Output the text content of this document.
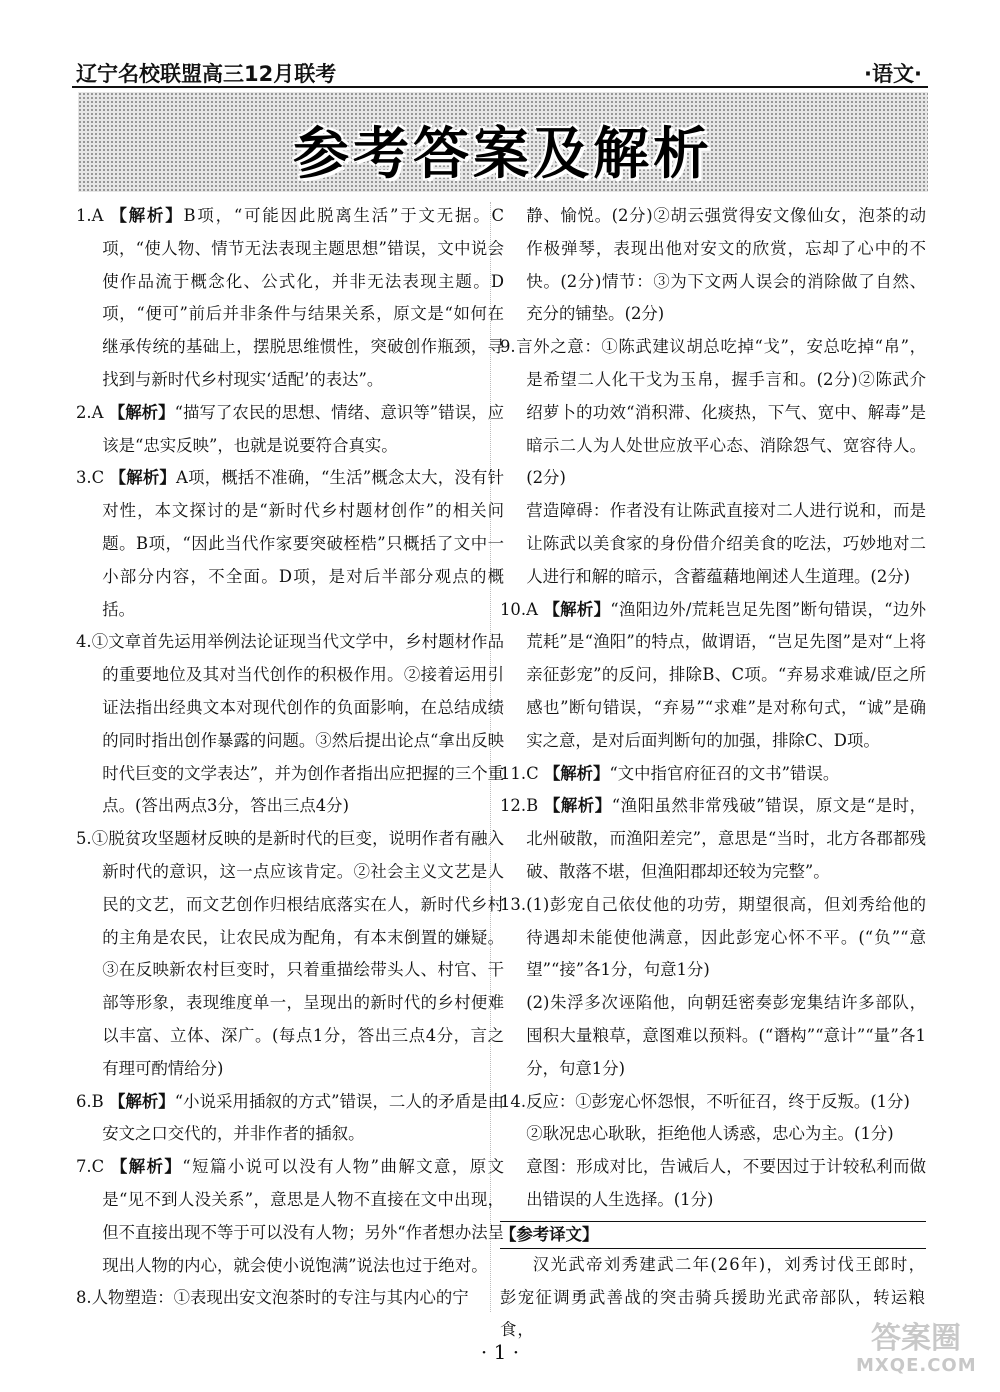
辽宁名校联盟高三12月联考	·语文·
参考答案及解析

1.A 【解析】B项，“可能因此脱离生活”于文无据。C项，“使人物、情节无法表现主题思想”错误，文中说会使作品流于概念化、公式化，并非无法表现主题。D项，“便可”前后并非条件与结果关系，原文是“如何在继承传统的基础上，摆脱思维惯性，突破创作瓶颈，寻找到与新时代乡村现实‘适配’的表达”。

2.A 【解析】“描写了农民的思想、情绪、意识等”错误，应该是“忠实反映”，也就是说要符合真实。

3.C 【解析】A项，概括不准确，“生活”概念太大，没有针对性，本文探讨的是“新时代乡村题材创作”的相关问题。B项，“因此当代作家要突破桎梏”只概括了文中一小部分内容，不全面。D项，是对后半部分观点的概括。

4.①文章首先运用举例法论证现当代文学中，乡村题材作品的重要地位及其对当代创作的积极作用。②接着运用引证法指出经典文本对现代创作的负面影响，在总结成绩的同时指出创作暴露的问题。③然后提出论点“拿出反映时代巨变的文学表达”，并为创作者指出应把握的三个重点。(答出两点3分，答出三点4分)

5.①脱贫攻坚题材反映的是新时代的巨变，说明作者有融入新时代的意识，这一点应该肯定。②社会主义文艺是人民的文艺，而文艺创作归根结底落实在人，新时代乡村的主角是农民，让农民成为配角，有本末倒置的嫌疑。③在反映新农村巨变时，只着重描绘带头人、村官、干部等形象，表现维度单一，呈现出的新时代的乡村便难以丰富、立体、深广。(每点1分，答出三点4分，言之有理可酌情给分)

6.B 【解析】“小说采用插叙的方式”错误，二人的矛盾是由安文之口交代的，并非作者的插叙。

7.C 【解析】“短篇小说可以没有人物”曲解文意，原文是“见不到人没关系”，意思是人物不直接在文中出现，但不直接出现不等于可以没有人物；另外“作者想办法呈现出人物的内心，就会使小说饱满”说法也过于绝对。

8.人物塑造：①表现出安文泡茶时的专注与其内心的宁

静、愉悦。(2分)②胡云强赏得安文像仙女，泡茶的动作极弹琴，表现出他对安文的欣赏，忘却了心中的不快。(2分)情节：③为下文两人误会的消除做了自然、充分的铺垫。(2分)

9.言外之意：①陈武建议胡总吃掉“戈”，安总吃掉“帛”，是希望二人化干戈为玉帛，握手言和。(2分)②陈武介绍萝卜的功效“消积滞、化痰热，下气、宽中、解毒”是暗示二人为人处世应放平心态、消除怨气、宽容待人。(2分)

营造障碍：作者没有让陈武直接对二人进行说和，而是让陈武以美食家的身份借介绍美食的吃法，巧妙地对二人进行和解的暗示，含蓄蕴藉地阐述人生道理。(2分)

10.A 【解析】“渔阳边外/荒耗岂足先图”断句错误，“边外荒耗”是“渔阳”的特点，做谓语，“岂足先图”是对“上将亲征彭宠”的反问，排除B、C项。“弃易求难诚/臣之所感也”断句错误，“弃易”“求难”是对称句式，“诚”是确实之意，是对后面判断句的加强，排除C、D项。

11.C 【解析】“文中指官府征召的文书”错误。

12.B 【解析】“渔阳虽然非常残破”错误，原文是“是时，北州破散，而渔阳差完”，意思是“当时，北方各郡都残破、散落不堪，但渔阳郡却还较为完整”。

13.(1)彭宠自己依仗他的功劳，期望很高，但刘秀给他的待遇却未能使他满意，因此彭宠心怀不平。(“负”“意望”“接”各1分，句意1分)

(2)朱浮多次诬陷他，向朝廷密奏彭宠集结许多部队，囤积大量粮草，意图难以预料。(“谮构”“意计”“量”各1分，句意1分)

14.反应：①彭宠心怀怨恨，不听征召，终于反叛。(1分)

②耿况忠心耿耿，拒绝他人诱惑，忠心为主。(1分)

意图：形成对比，告诫后人，不要因过于计较私利而做出错误的人生选择。(1分)

【参考译文】

汉光武帝刘秀建武二年(26年)，刘秀讨伐王郎时，彭宠征调勇武善战的突击骑兵援助光武帝部队，转运粮食，

· 1 ·	答案圈
MXQE.COM
